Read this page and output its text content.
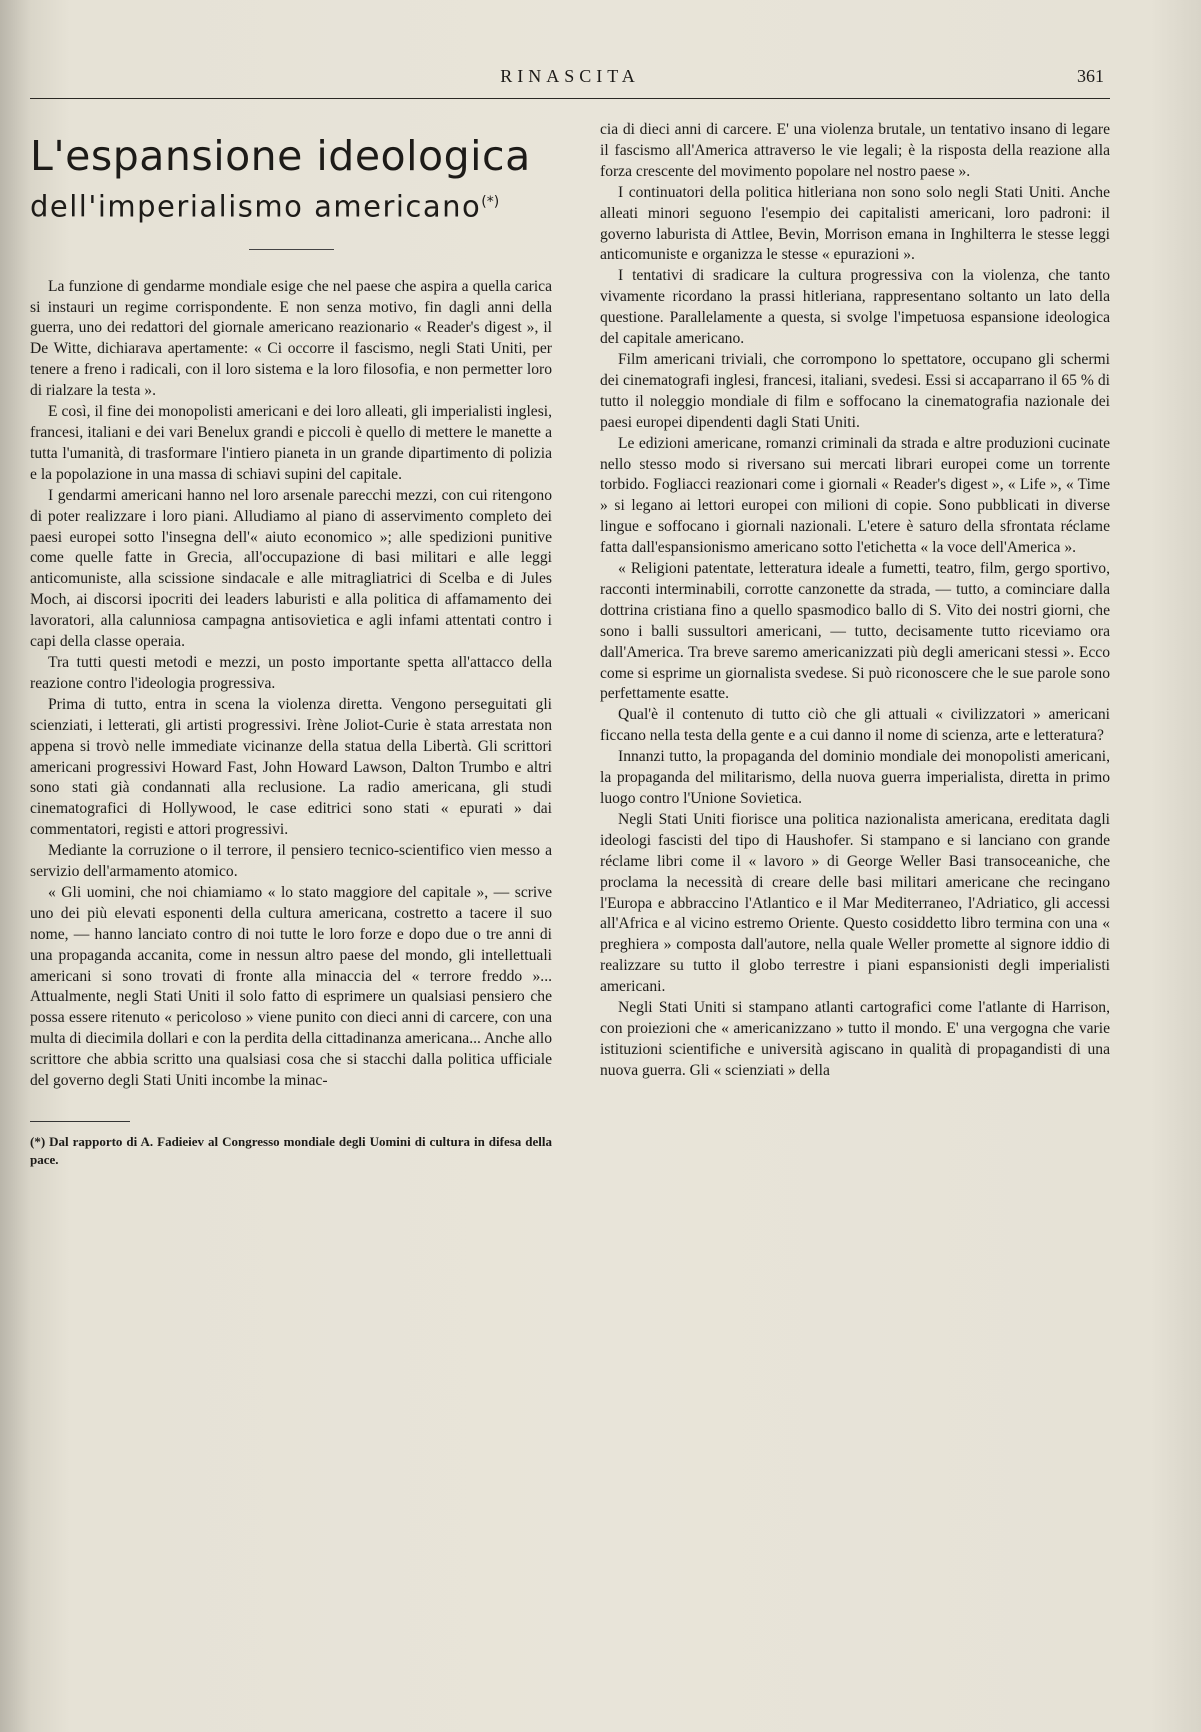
RINASCITA	361
L'espansione ideologica
dell'imperialismo americano(*)

La funzione di gendarme mondiale esige che nel paese che aspira a quella carica si instauri un regime corrispondente. E non senza motivo, fin dagli anni della guerra, uno dei redattori del giornale americano reazionario « Reader's digest », il De Witte, dichiarava apertamente: « Ci occorre il fascismo, negli Stati Uniti, per tenere a freno i radicali, con il loro sistema e la loro filosofia, e non permetter loro di rialzare la testa ».

E così, il fine dei monopolisti americani e dei loro alleati, gli imperialisti inglesi, francesi, italiani e dei vari Benelux grandi e piccoli è quello di mettere le manette a tutta l'umanità, di trasformare l'intiero pianeta in un grande dipartimento di polizia e la popolazione in una massa di schiavi supini del capitale.

I gendarmi americani hanno nel loro arsenale parecchi mezzi, con cui ritengono di poter realizzare i loro piani. Alludiamo al piano di asservimento completo dei paesi europei sotto l'insegna dell'« aiuto economico »; alle spedizioni punitive come quelle fatte in Grecia, all'occupazione di basi militari e alle leggi anticomuniste, alla scissione sindacale e alle mitragliatrici di Scelba e di Jules Moch, ai discorsi ipocriti dei leaders laburisti e alla politica di affamamento dei lavoratori, alla calunniosa campagna antisovietica e agli infami attentati contro i capi della classe operaia.

Tra tutti questi metodi e mezzi, un posto importante spetta all'attacco della reazione contro l'ideologia progressiva.

Prima di tutto, entra in scena la violenza diretta. Vengono perseguitati gli scienziati, i letterati, gli artisti progressivi. Irène Joliot-Curie è stata arrestata non appena si trovò nelle immediate vicinanze della statua della Libertà. Gli scrittori americani progressivi Howard Fast, John Howard Lawson, Dalton Trumbo e altri sono stati già condannati alla reclusione. La radio americana, gli studi cinematografici di Hollywood, le case editrici sono stati « epurati » dai commentatori, registi e attori progressivi.

Mediante la corruzione o il terrore, il pensiero tecnico-scientifico vien messo a servizio dell'armamento atomico.

« Gli uomini, che noi chiamiamo « lo stato maggiore del capitale », — scrive uno dei più elevati esponenti della cultura americana, costretto a tacere il suo nome, — hanno lanciato contro di noi tutte le loro forze e dopo due o tre anni di una propaganda accanita, come in nessun altro paese del mondo, gli intellettuali americani si sono trovati di fronte alla minaccia del « terrore freddo »... Attualmente, negli Stati Uniti il solo fatto di esprimere un qualsiasi pensiero che possa essere ritenuto « pericoloso » viene punito con dieci anni di carcere, con una multa di diecimila dollari e con la perdita della cittadinanza americana... Anche allo scrittore che abbia scritto una qualsiasi cosa che si stacchi dalla politica ufficiale del governo degli Stati Uniti incombe la minac-

(*) Dal rapporto di A. Fadieiev al Congresso mondiale degli Uomini di cultura in difesa della pace.

cia di dieci anni di carcere. E' una violenza brutale, un tentativo insano di legare il fascismo all'America attraverso le vie legali; è la risposta della reazione alla forza crescente del movimento popolare nel nostro paese ».

I continuatori della politica hitleriana non sono solo negli Stati Uniti. Anche alleati minori seguono l'esempio dei capitalisti americani, loro padroni: il governo laburista di Attlee, Bevin, Morrison emana in Inghilterra le stesse leggi anticomuniste e organizza le stesse « epurazioni ».

I tentativi di sradicare la cultura progressiva con la violenza, che tanto vivamente ricordano la prassi hitleriana, rappresentano soltanto un lato della questione. Parallelamente a questa, si svolge l'impetuosa espansione ideologica del capitale americano.

Film americani triviali, che corrompono lo spettatore, occupano gli schermi dei cinematografi inglesi, francesi, italiani, svedesi. Essi si accaparrano il 65 % di tutto il noleggio mondiale di film e soffocano la cinematografia nazionale dei paesi europei dipendenti dagli Stati Uniti.

Le edizioni americane, romanzi criminali da strada e altre produzioni cucinate nello stesso modo si riversano sui mercati librari europei come un torrente torbido. Fogliacci reazionari come i giornali « Reader's digest », « Life », « Time » si legano ai lettori europei con milioni di copie. Sono pubblicati in diverse lingue e soffocano i giornali nazionali. L'etere è saturo della sfrontata réclame fatta dall'espansionismo americano sotto l'etichetta « la voce dell'America ».

« Religioni patentate, letteratura ideale a fumetti, teatro, film, gergo sportivo, racconti interminabili, corrotte canzonette da strada, — tutto, a cominciare dalla dottrina cristiana fino a quello spasmodico ballo di S. Vito dei nostri giorni, che sono i balli sussultori americani, — tutto, decisamente tutto riceviamo ora dall'America. Tra breve saremo americanizzati più degli americani stessi ». Ecco come si esprime un giornalista svedese. Si può riconoscere che le sue parole sono perfettamente esatte.

Qual'è il contenuto di tutto ciò che gli attuali « civilizzatori » americani ficcano nella testa della gente e a cui danno il nome di scienza, arte e letteratura?

Innanzi tutto, la propaganda del dominio mondiale dei monopolisti americani, la propaganda del militarismo, della nuova guerra imperialista, diretta in primo luogo contro l'Unione Sovietica.

Negli Stati Uniti fiorisce una politica nazionalista americana, ereditata dagli ideologi fascisti del tipo di Haushofer. Si stampano e si lanciano con grande réclame libri come il « lavoro » di George Weller Basi transoceaniche, che proclama la necessità di creare delle basi militari americane che recingano l'Europa e abbraccino l'Atlantico e il Mar Mediterraneo, l'Adriatico, gli accessi all'Africa e al vicino estremo Oriente. Questo cosiddetto libro termina con una « preghiera » composta dall'autore, nella quale Weller promette al signore iddio di realizzare su tutto il globo terrestre i piani espansionisti degli imperialisti americani.

Negli Stati Uniti si stampano atlanti cartografici come l'atlante di Harrison, con proiezioni che « americanizzano » tutto il mondo. E' una vergogna che varie istituzioni scientifiche e università agiscano in qualità di propagandisti di una nuova guerra. Gli « scienziati » della
